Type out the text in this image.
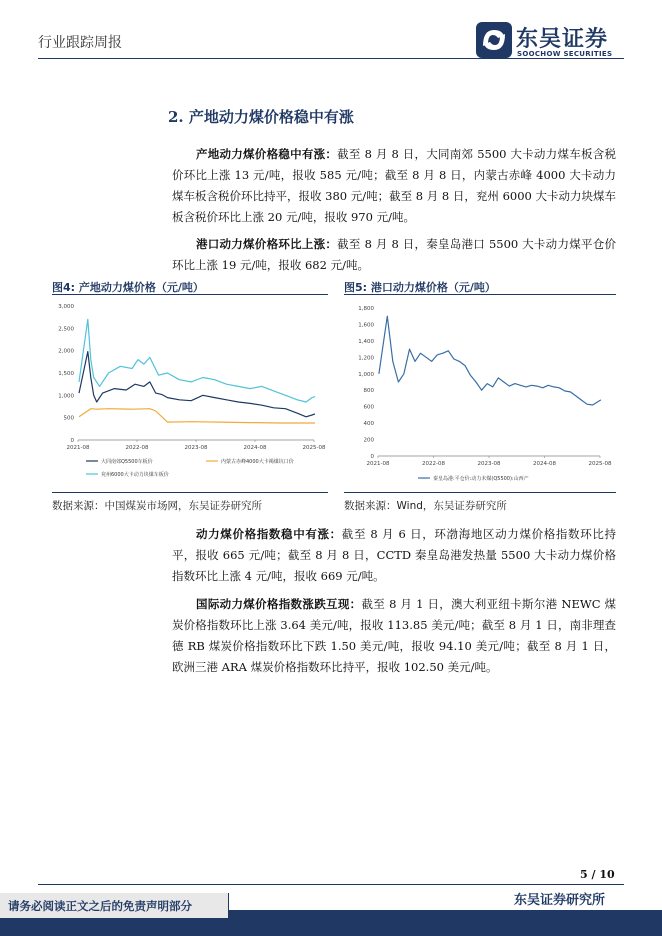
行业跟踪周报	东吴证券
SOOCHOW SECURITIES
2. 产地动力煤价格稳中有涨
产地动力煤价格稳中有涨：截至 8 月 8 日，大同南郊 5500 大卡动力煤车板含税价环比上涨 13 元/吨，报收 585 元/吨；截至 8 月 8 日，内蒙古赤峰 4000 大卡动力煤车板含税价环比持平，报收 380 元/吨；截至 8 月 8 日，兖州 6000 大卡动力块煤车板含税价环比上涨 20 元/吨，报收 970 元/吨。
港口动力煤价格环比上涨：截至 8 月 8 日，秦皇岛港口 5500 大卡动力煤平仓价环比上涨 19 元/吨，报收 682 元/吨。
图4: 产地动力煤价格（元/吨）
0
500
1,000
1,500
2,000
2,500
3,000
2021-08	2022-08	2023-08	2024-08	2025-08
大同南郊Q5500车板价	内蒙古赤峰4000大卡褐煤坑口价
兖州6000大卡动力块煤车板价
数据来源：中国煤炭市场网，东吴证券研究所
图5: 港口动力煤价格（元/吨）
0
200
400
600
800
1,000
1,200
1,400
1,600
1,800
2021-08	2022-08	2023-08	2024-08	2025-08
秦皇岛港:平仓价:动力末煤(Q5500):山西产
数据来源：Wind，东吴证券研究所
动力煤价格指数稳中有涨：截至 8 月 6 日，环渤海地区动力煤价格指数环比持平，报收 665 元/吨；截至 8 月 8 日，CCTD 秦皇岛港发热量 5500 大卡动力煤价格指数环比上涨 4 元/吨，报收 669 元/吨。
国际动力煤价格指数涨跌互现：截至 8 月 1 日，澳大利亚纽卡斯尔港 NEWC 煤炭价格指数环比上涨 3.64 美元/吨，报收 113.85 美元/吨；截至 8 月 1 日，南非理查德 RB 煤炭价格指数环比下跌 1.50 美元/吨，报收 94.10 美元/吨；截至 8 月 1 日，欧洲三港 ARA 煤炭价格指数环比持平，报收 102.50 美元/吨。
5 / 10
东吴证券研究所
请务必阅读正文之后的免责声明部分
